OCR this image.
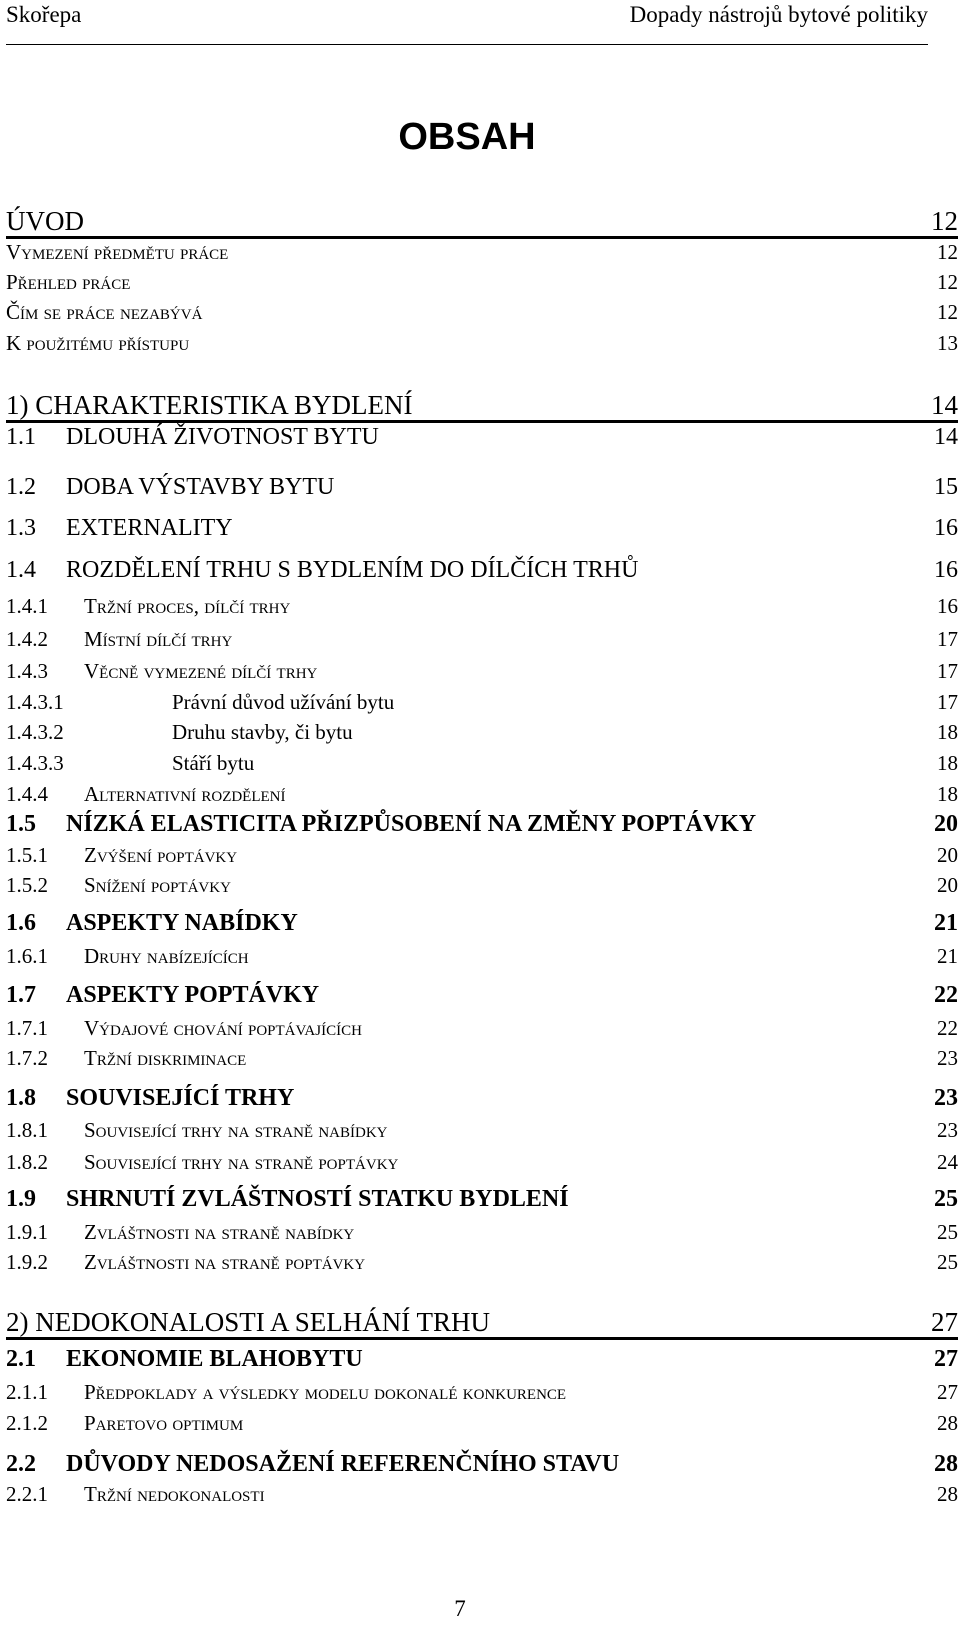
Skořepa	Dopady nástrojů bytové politiky
OBSAH
ÚVOD	12
Vymezení předmětu práce	12
Přehled práce	12
Čím se práce nezabývá	12
K použitému přístupu	13
1) CHARAKTERISTIKA BYDLENÍ	14
1.1 DLOUHÁ ŽIVOTNOST BYTU	14
1.2 DOBA VÝSTAVBY BYTU	15
1.3 EXTERNALITY	16
1.4 ROZDĚLENÍ TRHU S BYDLENÍM DO DÍLČÍCH TRHŮ	16
1.4.1 Tržní proces, dílčí trhy	16
1.4.2 Místní dílčí trhy	17
1.4.3 Věcně vymezené dílčí trhy	17
1.4.3.1	Právní důvod užívání bytu	17
1.4.3.2	Druhu stavby, či bytu	18
1.4.3.3	Stáří bytu	18
1.4.4 Alternativní rozdělení	18
1.5 NÍZKÁ ELASTICITA PŘIZPŮSOBENÍ NA ZMĚNY POPTÁVKY	20
1.5.1 Zvýšení poptávky	20
1.5.2 Snížení poptávky	20
1.6 ASPEKTY NABÍDKY	21
1.6.1 Druhy nabízejících	21
1.7 ASPEKTY POPTÁVKY	22
1.7.1 Výdajové chování poptávajících	22
1.7.2 Tržní diskriminace	23
1.8 SOUVISEJÍCÍ TRHY	23
1.8.1 Související trhy na straně nabídky	23
1.8.2 Související trhy na straně poptávky	24
1.9 SHRNUTÍ ZVLÁŠTNOSTÍ STATKU BYDLENÍ	25
1.9.1 Zvláštnosti na straně nabídky	25
1.9.2 Zvláštnosti na straně poptávky	25
2) NEDOKONALOSTI A SELHÁNÍ TRHU	27
2.1 EKONOMIE BLAHOBYTU	27
2.1.1 Předpoklady a výsledky modelu dokonalé konkurence	27
2.1.2 Paretovo optimum	28
2.2 DŮVODY NEDOSAŽENÍ REFERENČNÍHO STAVU	28
2.2.1 Tržní nedokonalosti	28
7
